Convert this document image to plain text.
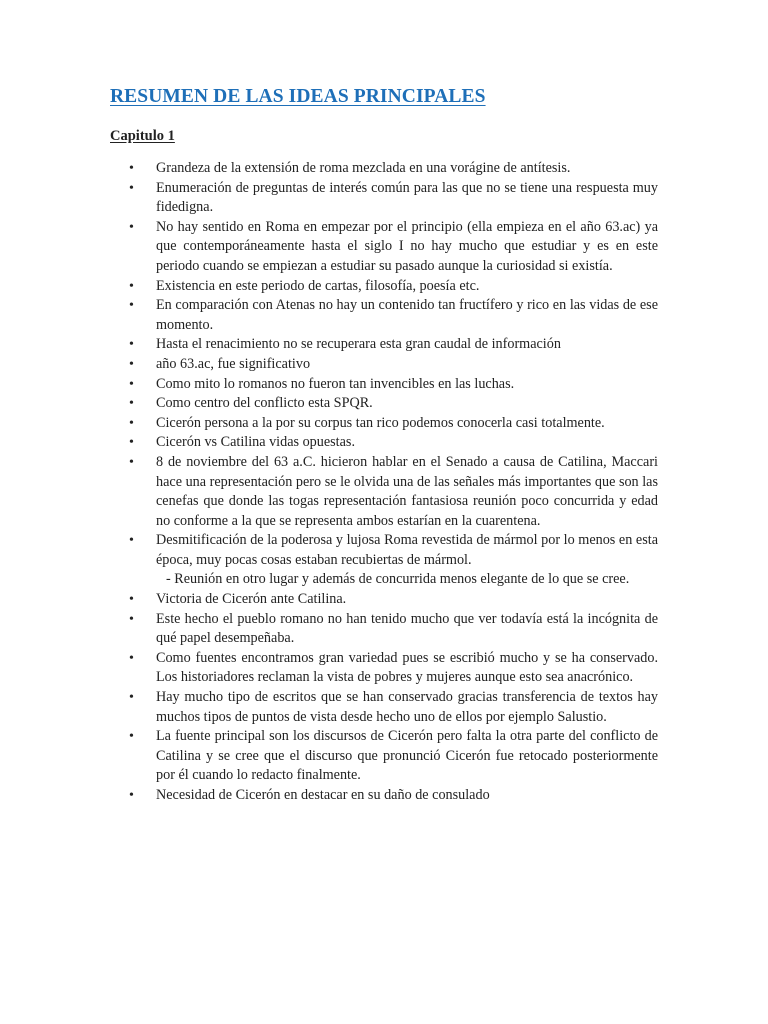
RESUMEN DE LAS IDEAS PRINCIPALES
Capitulo 1
• Grandeza de la extensión de roma mezclada en una vorágine de antítesis.
• Enumeración de preguntas de interés común para las que no se tiene una respuesta muy fidedigna.
• No hay sentido en Roma en empezar por el principio (ella empieza en el año 63.ac) ya que contemporáneamente hasta el siglo I no hay mucho que estudiar y es en este periodo cuando se empiezan a estudiar su pasado aunque la curiosidad si existía.
• Existencia en este periodo de cartas, filosofía, poesía etc.
• En comparación con Atenas no hay un contenido tan fructífero y rico en las vidas de ese momento.
• Hasta el renacimiento no se recuperara esta gran caudal de información
• año 63.ac, fue significativo
• Como mito lo romanos no fueron tan invencibles en las luchas.
• Como centro del conflicto esta SPQR.
• Cicerón persona a la por su corpus tan rico podemos conocerla casi totalmente.
• Cicerón vs Catilina vidas opuestas.
• 8 de noviembre del 63 a.C. hicieron hablar en el Senado a causa de Catilina, Maccari hace una representación pero se le olvida una de las señales más importantes que son las cenefas que donde las togas representación fantasiosa reunión poco concurrida y edad no conforme a la que se representa ambos estarían en la cuarentena.
• Desmitificación de la poderosa y lujosa Roma revestida de mármol por lo menos en esta época, muy pocas cosas estaban recubiertas de mármol.
- Reunión en otro lugar y además de concurrida menos elegante de lo que se cree.
• Victoria de Cicerón ante Catilina.
• Este hecho el pueblo romano no han tenido mucho que ver todavía está la incógnita de qué papel desempeñaba.
• Como fuentes encontramos gran variedad pues se escribió mucho y se ha conservado. Los historiadores reclaman la vista de pobres y mujeres aunque esto sea anacrónico.
• Hay mucho tipo de escritos que se han conservado gracias transferencia de textos hay muchos tipos de puntos de vista desde hecho uno de ellos por ejemplo Salustio.
• La fuente principal son los discursos de Cicerón pero falta la otra parte del conflicto de Catilina y se cree que el discurso que pronunció Cicerón fue retocado posteriormente por él cuando lo redacto finalmente.
• Necesidad de Cicerón en destacar en su daño de consulado
